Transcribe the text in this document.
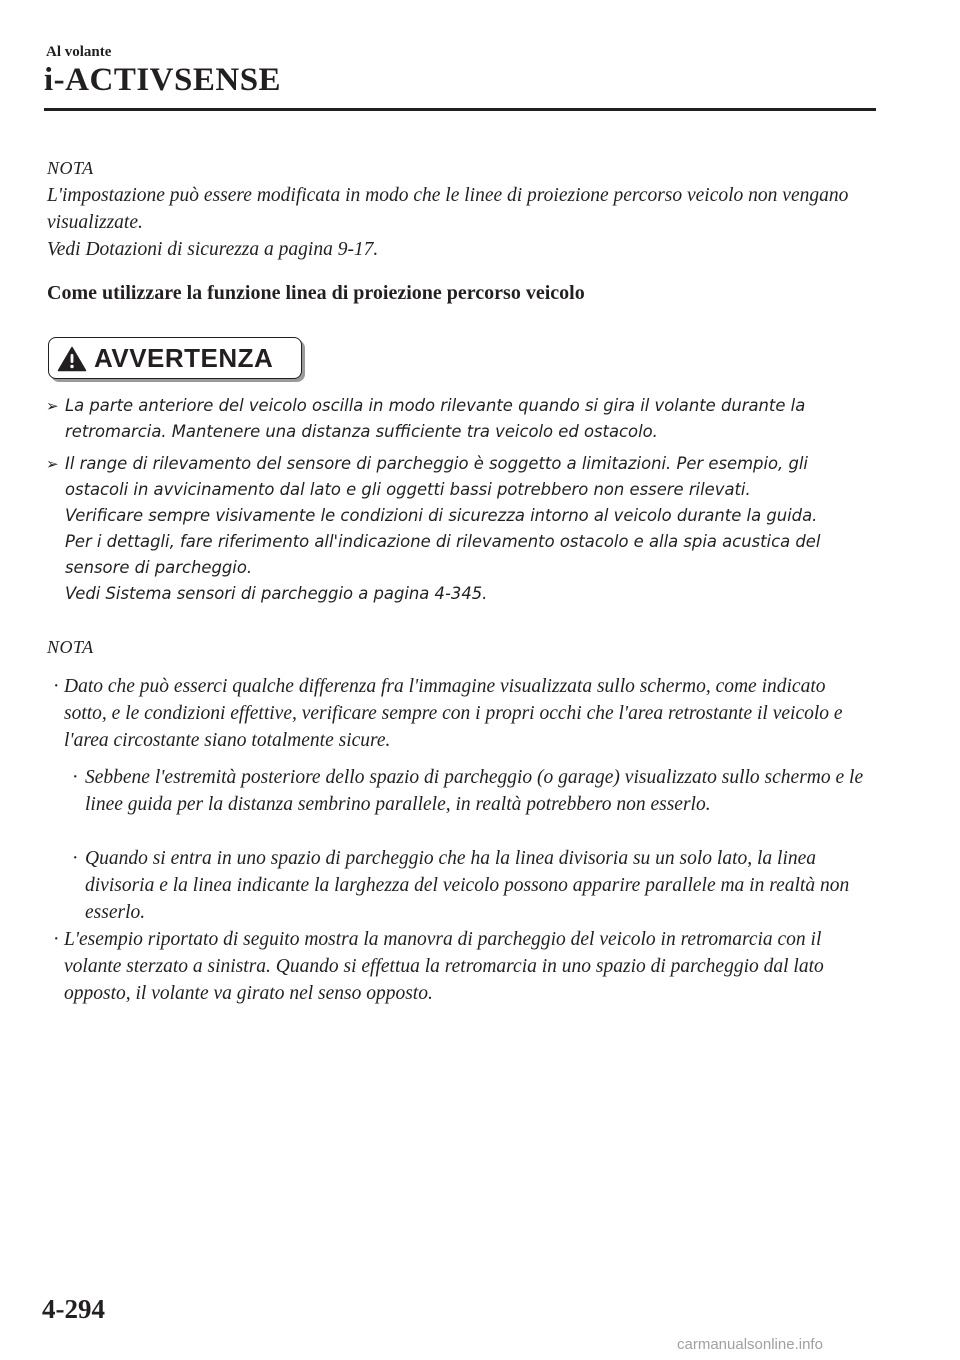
Al volante
i-ACTIVSENSE
NOTA
L'impostazione può essere modificata in modo che le linee di proiezione percorso veicolo non vengano visualizzate.
Vedi Dotazioni di sicurezza a pagina 9-17.
Come utilizzare la funzione linea di proiezione percorso veicolo
AVVERTENZA
➢ La parte anteriore del veicolo oscilla in modo rilevante quando si gira il volante durante la retromarcia. Mantenere una distanza sufficiente tra veicolo ed ostacolo.
➢ Il range di rilevamento del sensore di parcheggio è soggetto a limitazioni. Per esempio, gli ostacoli in avvicinamento dal lato e gli oggetti bassi potrebbero non essere rilevati.
Verificare sempre visivamente le condizioni di sicurezza intorno al veicolo durante la guida.
Per i dettagli, fare riferimento all'indicazione di rilevamento ostacolo e alla spia acustica del sensore di parcheggio.
Vedi Sistema sensori di parcheggio a pagina 4-345.
NOTA
· Dato che può esserci qualche differenza fra l'immagine visualizzata sullo schermo, come indicato sotto, e le condizioni effettive, verificare sempre con i propri occhi che l'area retrostante il veicolo e l'area circostante siano totalmente sicure.
· Sebbene l'estremità posteriore dello spazio di parcheggio (o garage) visualizzato sullo schermo e le linee guida per la distanza sembrino parallele, in realtà potrebbero non esserlo.
· Quando si entra in uno spazio di parcheggio che ha la linea divisoria su un solo lato, la linea divisoria e la linea indicante la larghezza del veicolo possono apparire parallele ma in realtà non esserlo.
· L'esempio riportato di seguito mostra la manovra di parcheggio del veicolo in retromarcia con il volante sterzato a sinistra. Quando si effettua la retromarcia in uno spazio di parcheggio dal lato opposto, il volante va girato nel senso opposto.
4-294
carmanualsonline.info
